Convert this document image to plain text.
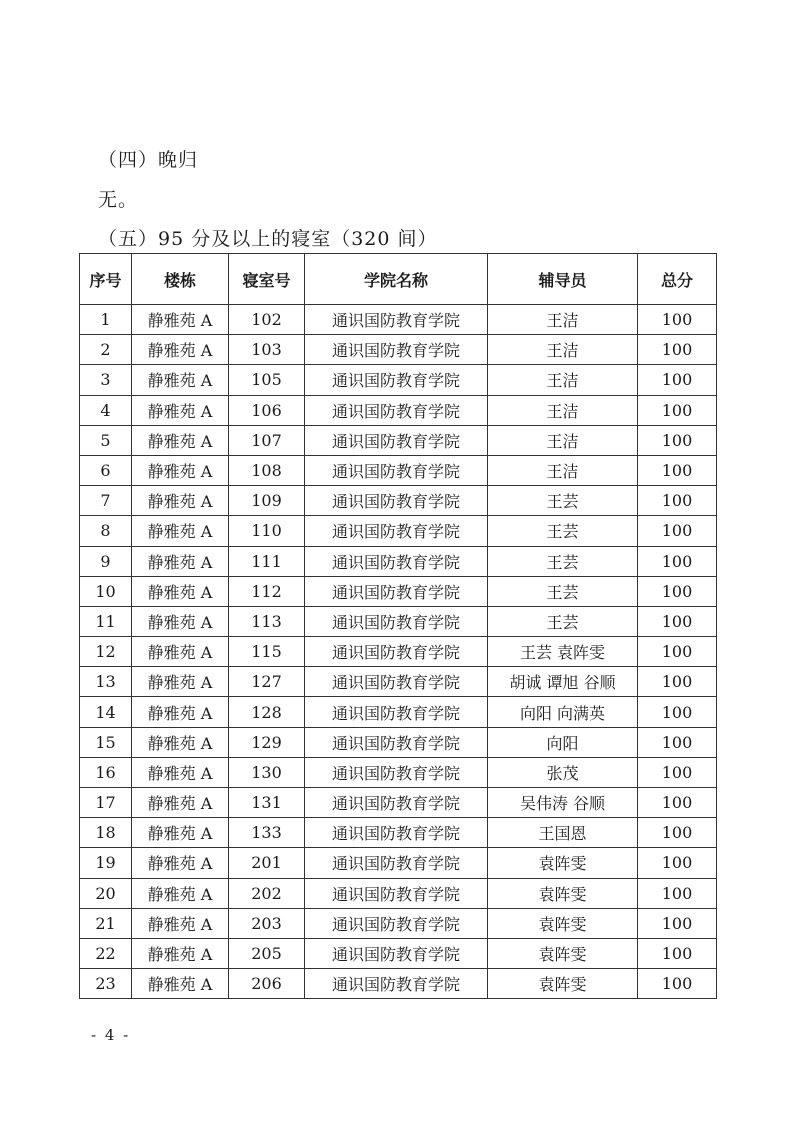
（四）晚归
无。
（五）95 分及以上的寝室（320 间）
序号	楼栋	寝室号	学院名称	辅导员	总分
1	静雅苑 A	102	通识国防教育学院	王洁	100
2	静雅苑 A	103	通识国防教育学院	王洁	100
3	静雅苑 A	105	通识国防教育学院	王洁	100
4	静雅苑 A	106	通识国防教育学院	王洁	100
5	静雅苑 A	107	通识国防教育学院	王洁	100
6	静雅苑 A	108	通识国防教育学院	王洁	100
7	静雅苑 A	109	通识国防教育学院	王芸	100
8	静雅苑 A	110	通识国防教育学院	王芸	100
9	静雅苑 A	111	通识国防教育学院	王芸	100
10	静雅苑 A	112	通识国防教育学院	王芸	100
11	静雅苑 A	113	通识国防教育学院	王芸	100
12	静雅苑 A	115	通识国防教育学院	王芸 袁阵雯	100
13	静雅苑 A	127	通识国防教育学院	胡诚 谭旭 谷顺	100
14	静雅苑 A	128	通识国防教育学院	向阳 向满英	100
15	静雅苑 A	129	通识国防教育学院	向阳	100
16	静雅苑 A	130	通识国防教育学院	张茂	100
17	静雅苑 A	131	通识国防教育学院	吴伟涛 谷顺	100
18	静雅苑 A	133	通识国防教育学院	王国恩	100
19	静雅苑 A	201	通识国防教育学院	袁阵雯	100
20	静雅苑 A	202	通识国防教育学院	袁阵雯	100
21	静雅苑 A	203	通识国防教育学院	袁阵雯	100
22	静雅苑 A	205	通识国防教育学院	袁阵雯	100
23	静雅苑 A	206	通识国防教育学院	袁阵雯	100
- 4 -
